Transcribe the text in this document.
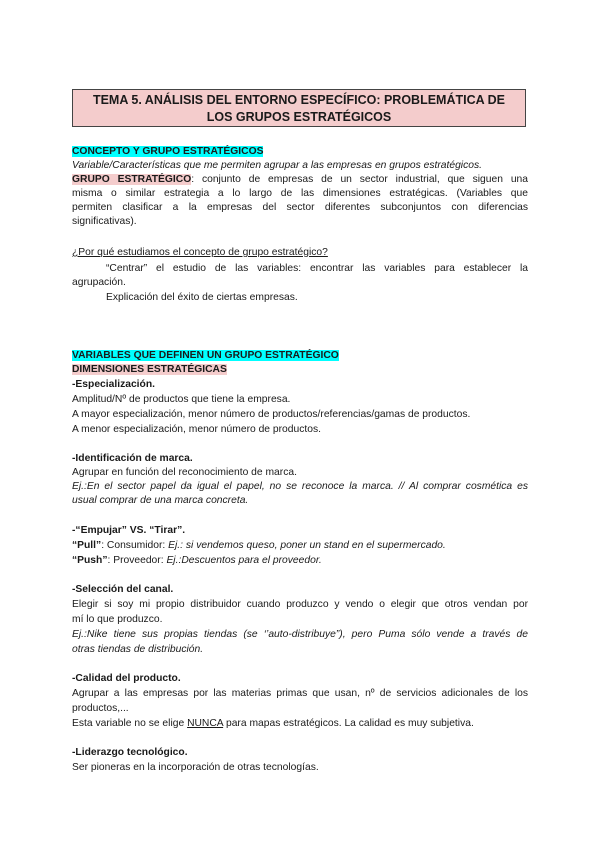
TEMA 5. ANÁLISIS DEL ENTORNO ESPECÍFICO: PROBLEMÁTICA DE
LOS GRUPOS ESTRATÉGICOS
CONCEPTO Y GRUPO ESTRATÉGICOS
Variable/Características que me permiten agrupar a las empresas en grupos estratégicos.
GRUPO ESTRATÉGICO: conjunto de empresas de un sector industrial, que siguen una
misma o similar estrategia a lo largo de las dimensiones estratégicas. (Variables que
permiten clasificar a la empresas del sector diferentes subconjuntos con diferencias
significativas).
¿Por qué estudiamos el concepto de grupo estratégico?
“Centrar” el estudio de las variables: encontrar las variables para establecer la
agrupación.
Explicación del éxito de ciertas empresas.
VARIABLES QUE DEFINEN UN GRUPO ESTRATÉGICO
DIMENSIONES ESTRATÉGICAS
-Especialización.
Amplitud/Nº de productos que tiene la empresa.
A mayor especialización, menor número de productos/referencias/gamas de productos.
A menor especialización, menor número de productos.
-Identificación de marca.
Agrupar en función del reconocimiento de marca.
Ej.:En el sector papel da igual el papel, no se reconoce la marca. // Al comprar cosmética es
usual comprar de una marca concreta.
-“Empujar” VS. “Tirar”.
“Pull”: Consumidor: Ej.: si vendemos queso, poner un stand en el supermercado.
“Push”: Proveedor: Ej.:Descuentos para el proveedor.
-Selección del canal.
Elegir si soy mi propio distribuidor cuando produzco y vendo o elegir que otros vendan por
mí lo que produzco.
Ej.:Nike tiene sus propias tiendas (se ‘’auto-distribuye”), pero Puma sólo vende a través de
otras tiendas de distribución.
-Calidad del producto.
Agrupar a las empresas por las materias primas que usan, nº de servicios adicionales de los
productos,...
Esta variable no se elige NUNCA para mapas estratégicos. La calidad es muy subjetiva.
-Liderazgo tecnológico.
Ser pioneras en la incorporación de otras tecnologías.
